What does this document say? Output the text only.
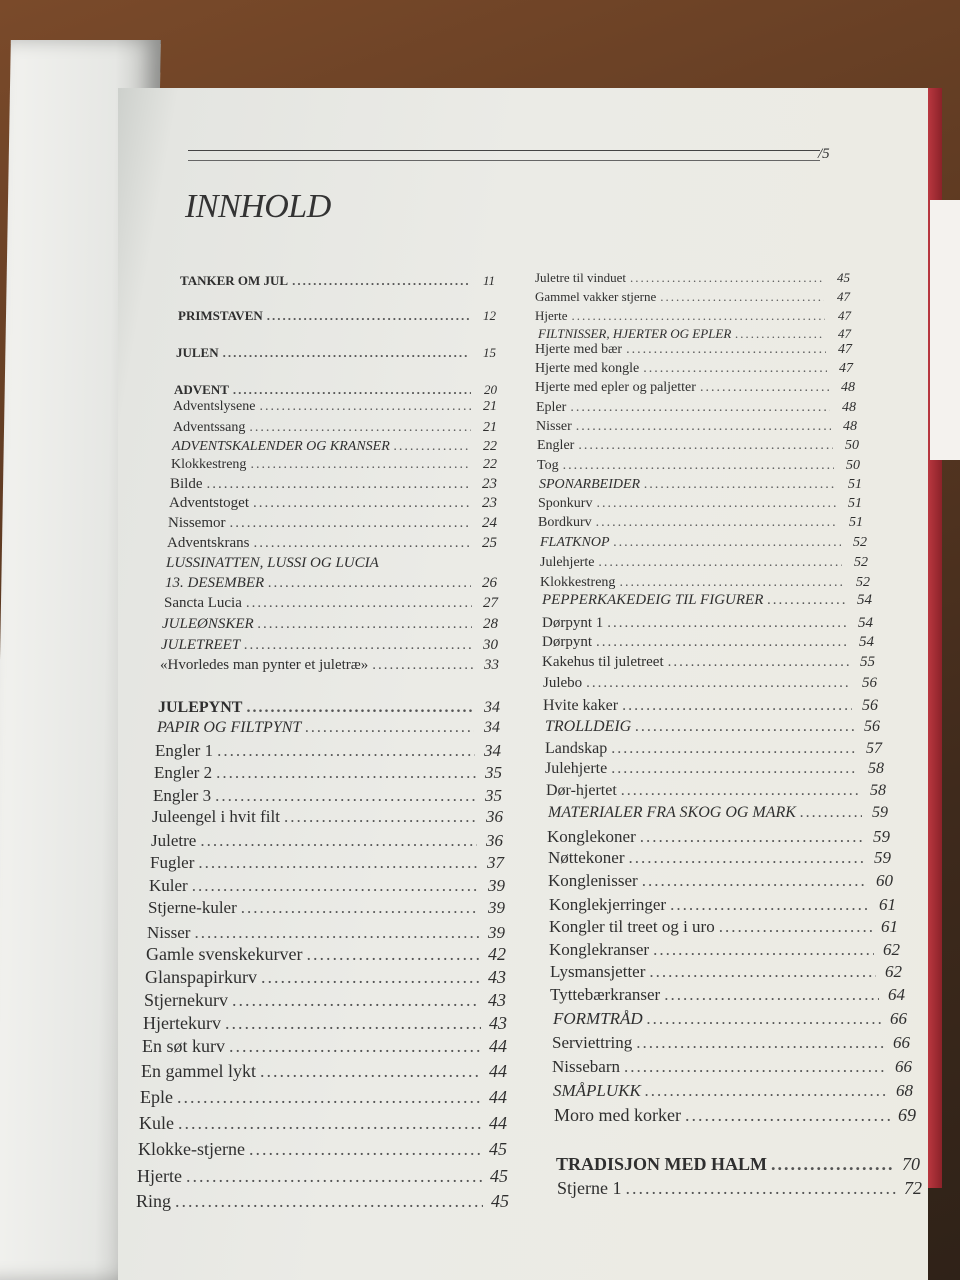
/5
INNHOLD
TANKER OM JUL .....	11
PRIMSTAVEN .....	12
JULEN .....	15
ADVENT .....	20
Adventslysene .....	21
Adventssang .....	21
ADVENTSKALENDER OG KRANSER .....	22
Klokkestreng .....	22
Bilde .....	23
Adventstoget .....	23
Nissemor .....	24
Adventskrans .....	25
LUSSINATTEN, LUSSI OG LUCIA
13. DESEMBER .....	26
Sancta Lucia .....	27
JULEØNSKER .....	28
JULETREET .....	30
«Hvorledes man pynter et juletræ» .....	33
JULEPYNT .....	34
PAPIR OG FILTPYNT .....	34
Engler 1 .....	34
Engler 2 .....	35
Engler 3 .....	35
Juleengel i hvit filt .....	36
Juletre .....	36
Fugler .....	37
Kuler .....	39
Stjerne-kuler .....	39
Nisser .....	39
Gamle svenskekurver .....	42
Glanspapirkurv .....	43
Stjernekurv .....	43
Hjertekurv .....	43
En søt kurv .....	44
En gammel lykt .....	44
Eple .....	44
Kule .....	44
Klokke-stjerne .....	45
Hjerte .....	45
Ring .....	45
Juletre til vinduet .....	45
Gammel vakker stjerne .....	47
Hjerte .....	47
FILTNISSER, HJERTER OG EPLER .....	47
Hjerte med bær .....	47
Hjerte med kongle .....	47
Hjerte med epler og paljetter .....	48
Epler .....	48
Nisser .....	48
Engler .....	50
Tog .....	50
SPONARBEIDER .....	51
Sponkurv .....	51
Bordkurv .....	51
FLATKNOP .....	52
Julehjerte .....	52
Klokkestreng .....	52
PEPPERKAKEDEIG TIL FIGURER .....	54
Dørpynt 1 .....	54
Dørpynt .....	54
Kakehus til juletreet .....	55
Julebo .....	56
Hvite kaker .....	56
TROLLDEIG .....	56
Landskap .....	57
Julehjerte .....	58
Dør-hjertet .....	58
MATERIALER FRA SKOG OG MARK .....	59
Konglekoner .....	59
Nøttekoner .....	59
Konglenisser .....	60
Konglekjerringer .....	61
Kongler til treet og i uro .....	61
Konglekranser .....	62
Lysmansjetter .....	62
Tyttebærkranser .....	64
FORMTRÅD .....	66
Serviettring .....	66
Nissebarn .....	66
SMÅPLUKK .....	68
Moro med korker .....	69
TRADISJON MED HALM .....	70
Stjerne 1 .....	72
